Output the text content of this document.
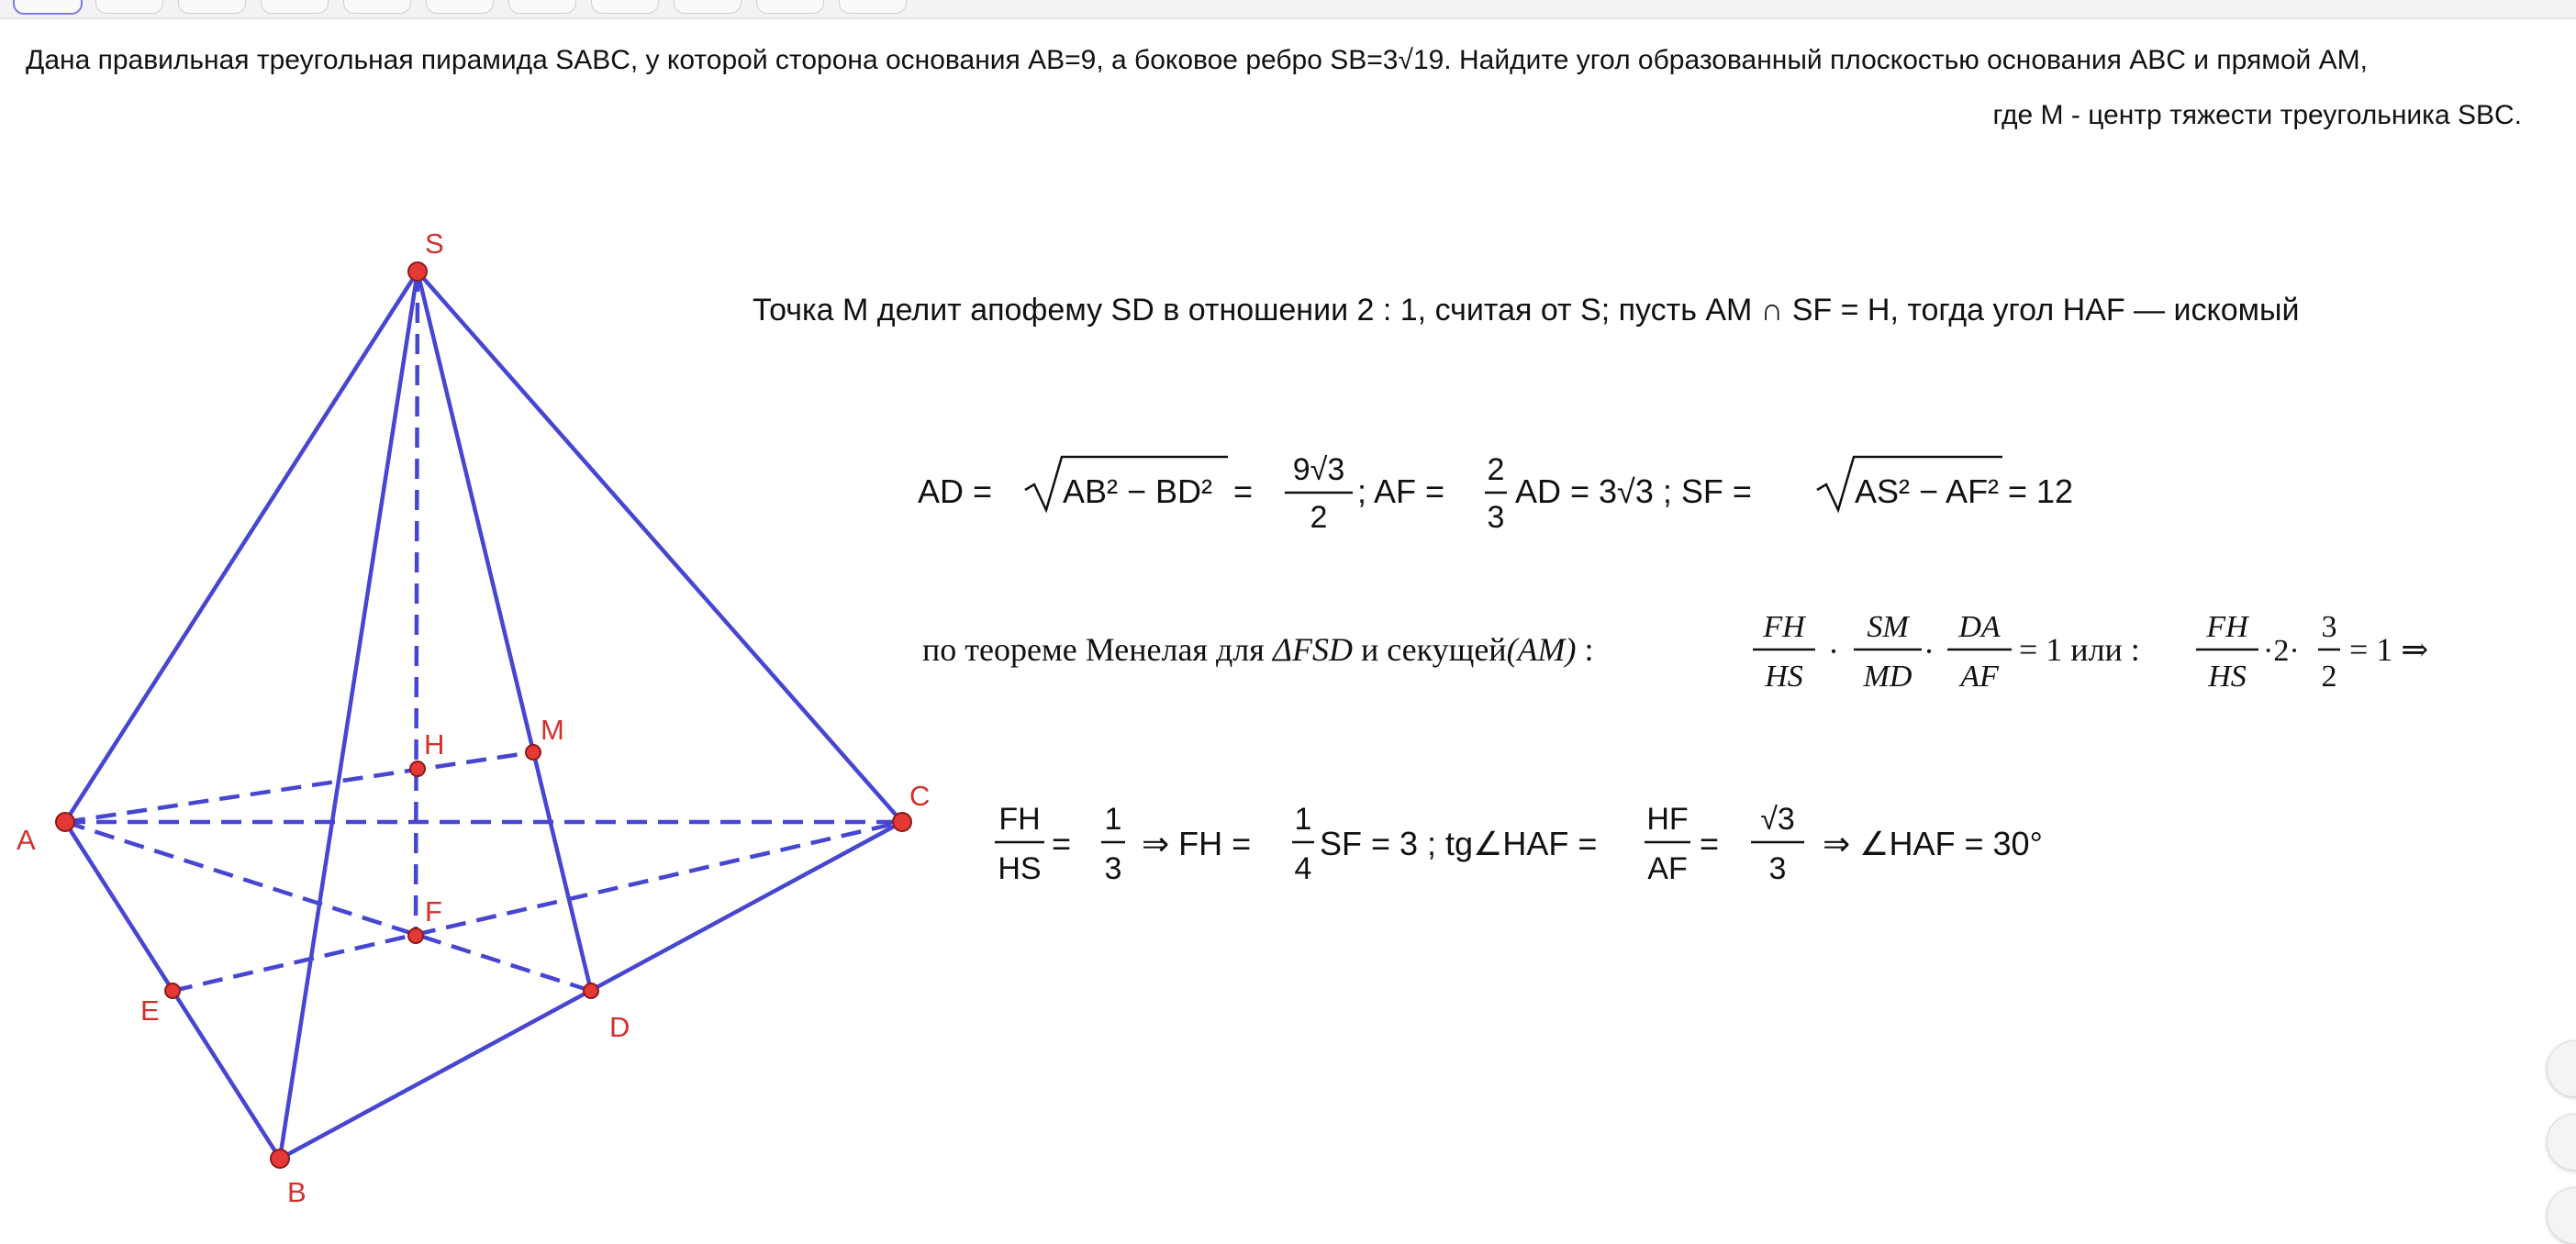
Дана правильная треугольная пирамида SABC, у которой сторона основания AB=9, а боковое ребро SB=3√19. Найдите угол образованный плоскостью основания ABC и прямой AM,
где M - центр тяжести треугольника SBC.
S
A
B
C
D
E
F
H	M
Точка M делит апофему SD в отношении 2 : 1, считая от S; пусть AM ∩ SF = H, тогда угол HAF — искомый
AD = AB² − BD² =
9√3
2
; AF =
2
3
AD = 3√3 ; SF =	AS² − AF² = 12
по теореме Менелая для ΔFSD и секущей(AM) :
FH
HS
·
SM
MD
·
DA
AF
= 1 или :
FH
HS
·2·
3
2
= 1 ⇒
FH
HS
=
1
3
⇒ FH =
1
4
SF = 3 ; tg∠HAF =
HF
AF
=
√3
3
⇒ ∠HAF = 30°
